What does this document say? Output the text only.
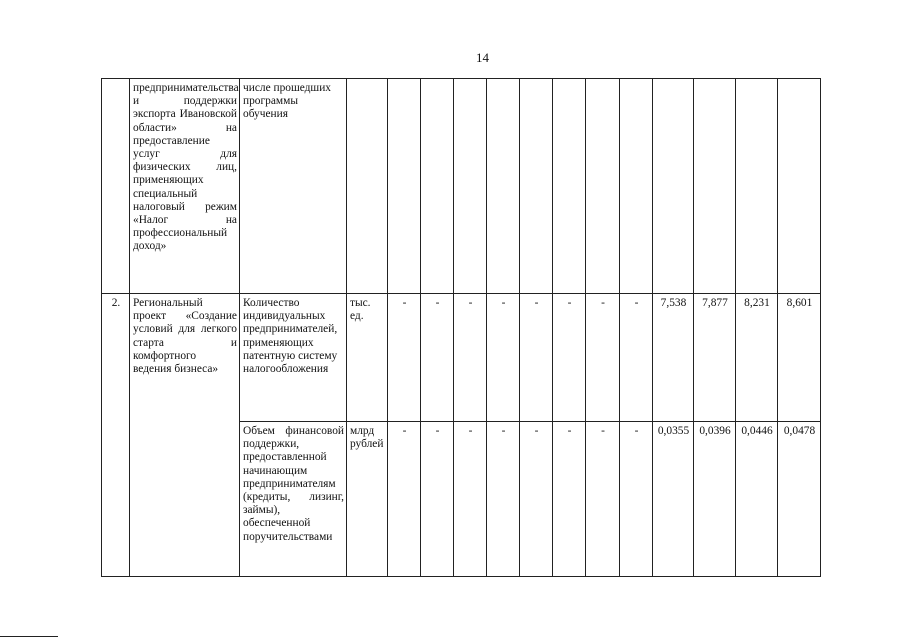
14
	предпринимательства и поддержки экспорта Ивановской области» на предоставление услуг для физических лиц, применяющих специальный налоговый режим «Налог на профессиональный доход»	числе прошедших программы обучения													
2.	Региональный проект «Создание условий для легкого старта и комфортного ведения бизнеса»	Количество индивидуальных предпринимателей, применяющих патентную систему налогообложения	тыс. ед.	-	-	-	-	-	-	-	-	7,538	7,877	8,231	8,601
		Объем финансовой поддержки, предоставленной начинающим предпринимателям (кредиты, лизинг, займы), обеспеченной поручительствами	млрд рублей	-	-	-	-	-	-	-	-	0,0355	0,0396	0,0446	0,0478
